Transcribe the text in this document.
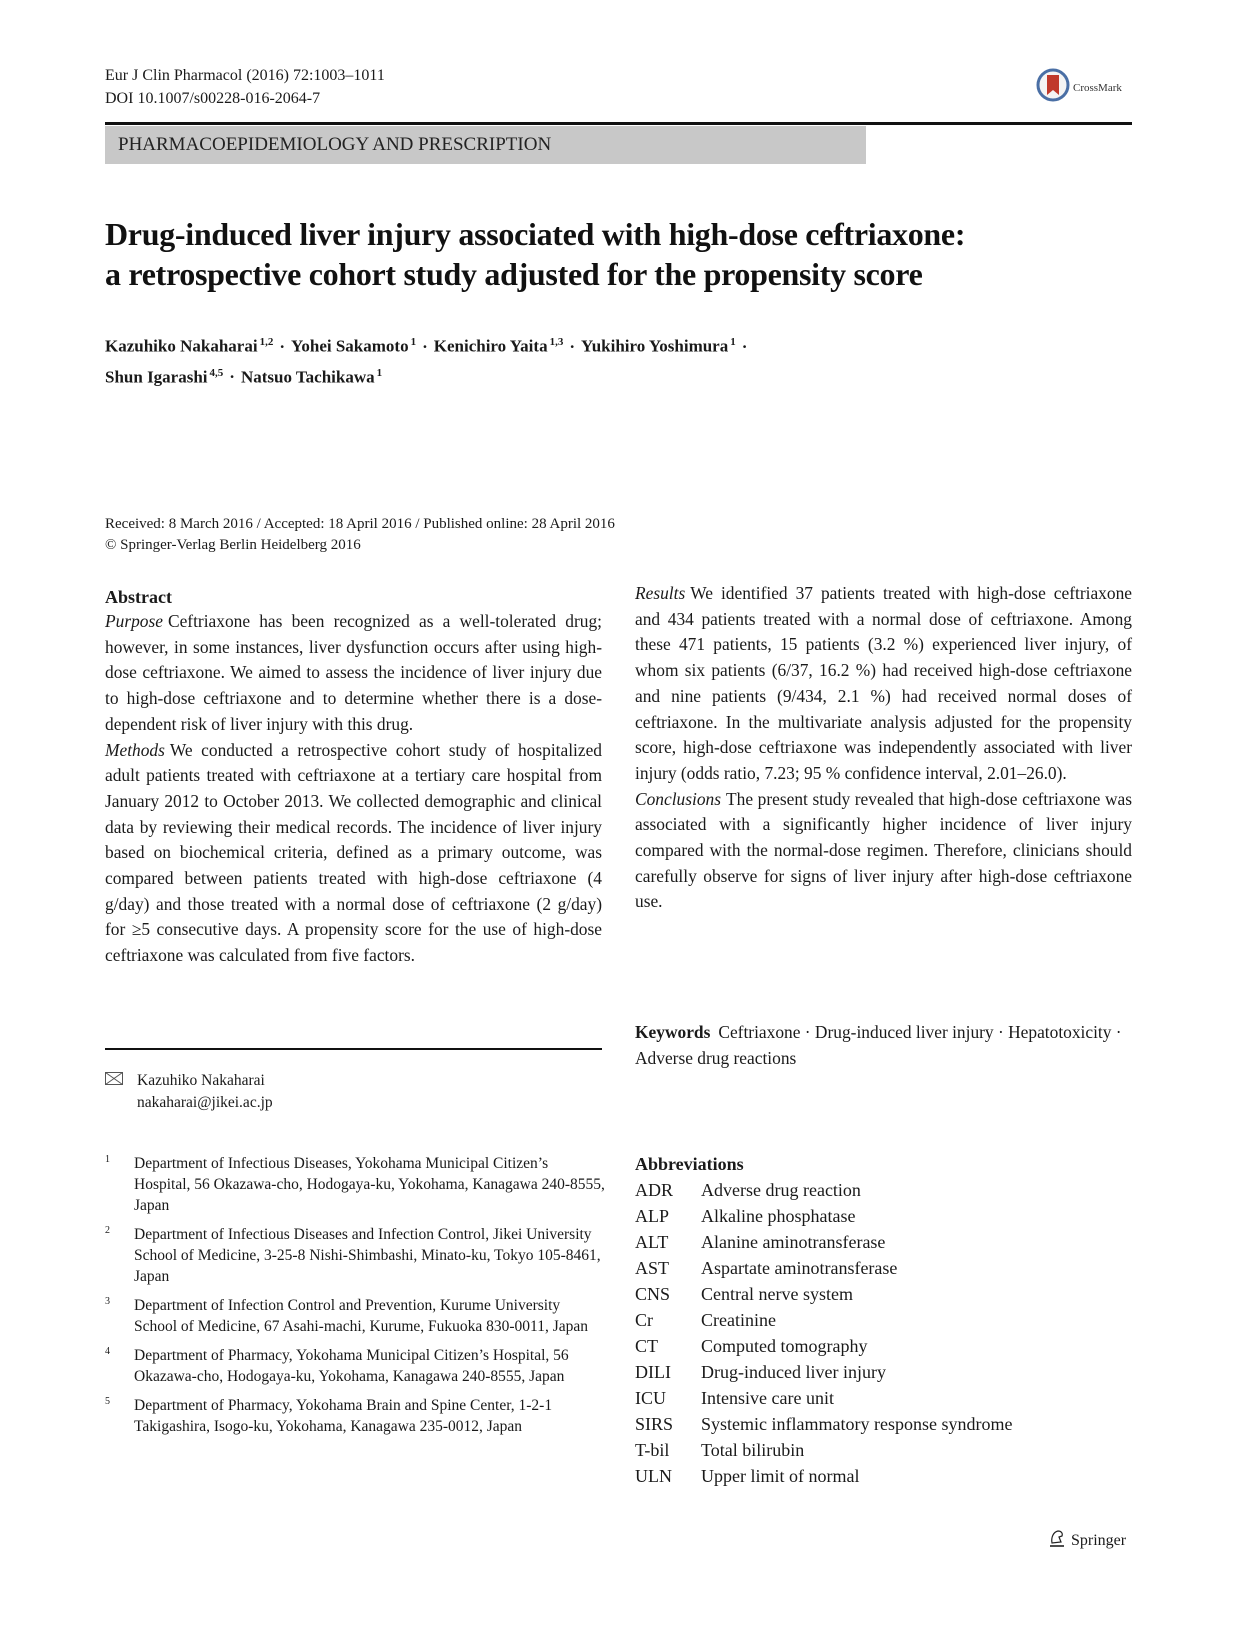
Eur J Clin Pharmacol (2016) 72:1003–1011
DOI 10.1007/s00228-016-2064-7
CrossMark
PHARMACOEPIDEMIOLOGY AND PRESCRIPTION
Drug-induced liver injury associated with high-dose ceftriaxone:
a retrospective cohort study adjusted for the propensity score
Kazuhiko Nakaharai $^{1,2}$ · Yohei Sakamoto $^1$ · Kenichiro Yaita $^{1,3}$ · Yukihiro Yoshimura $^1$ ·
Shun Igarashi $^{4,5}$ · Natsuo Tachikawa $^1$
Received: 8 March 2016 / Accepted: 18 April 2016 / Published online: 28 April 2016
© Springer-Verlag Berlin Heidelberg 2016
Abstract

Purpose Ceftriaxone has been recognized as a well-tolerated drug; however, in some instances, liver dysfunction occurs after using high-dose ceftriaxone. We aimed to assess the incidence of liver injury due to high-dose ceftriaxone and to determine whether there is a dose-dependent risk of liver injury with this drug.

Methods We conducted a retrospective cohort study of hospitalized adult patients treated with ceftriaxone at a tertiary care hospital from January 2012 to October 2013. We collected demographic and clinical data by reviewing their medical records. The incidence of liver injury based on biochemical criteria, defined as a primary outcome, was compared between patients treated with high-dose ceftriaxone (4 g/day) and those treated with a normal dose of ceftriaxone (2 g/day) for ≥5 consecutive days. A propensity score for the use of high-dose ceftriaxone was calculated from five factors.

Results We identified 37 patients treated with high-dose ceftriaxone and 434 patients treated with a normal dose of ceftriaxone. Among these 471 patients, 15 patients (3.2 %) experienced liver injury, of whom six patients (6/37, 16.2 %) had received high-dose ceftriaxone and nine patients (9/434, 2.1 %) had received normal doses of ceftriaxone. In the multivariate analysis adjusted for the propensity score, high-dose ceftriaxone was independently associated with liver injury (odds ratio, 7.23; 95 % confidence interval, 2.01–26.0).

Conclusions The present study revealed that high-dose ceftriaxone was associated with a significantly higher incidence of liver injury compared with the normal-dose regimen. Therefore, clinicians should carefully observe for signs of liver injury after high-dose ceftriaxone use.

Keywords Ceftriaxone · Drug-induced liver injury · Hepatotoxicity · Adverse drug reactions
Kazuhiko Nakaharai
nakaharai@jikei.ac.jp
1	Department of Infectious Diseases, Yokohama Municipal Citizen’s Hospital, 56 Okazawa-cho, Hodogaya-ku, Yokohama, Kanagawa 240-8555, Japan
2	Department of Infectious Diseases and Infection Control, Jikei University School of Medicine, 3-25-8 Nishi-Shimbashi, Minato-ku, Tokyo 105-8461, Japan
3	Department of Infection Control and Prevention, Kurume University School of Medicine, 67 Asahi-machi, Kurume, Fukuoka 830-0011, Japan
4	Department of Pharmacy, Yokohama Municipal Citizen’s Hospital, 56 Okazawa-cho, Hodogaya-ku, Yokohama, Kanagawa 240-8555, Japan
5	Department of Pharmacy, Yokohama Brain and Spine Center, 1-2-1 Takigashira, Isogo-ku, Yokohama, Kanagawa 235-0012, Japan
Abbreviations
ADR	Adverse drug reaction
ALP	Alkaline phosphatase
ALT	Alanine aminotransferase
AST	Aspartate aminotransferase
CNS	Central nerve system
Cr	Creatinine
CT	Computed tomography
DILI	Drug-induced liver injury
ICU	Intensive care unit
SIRS	Systemic inflammatory response syndrome
T-bil	Total bilirubin
ULN	Upper limit of normal
Springer
